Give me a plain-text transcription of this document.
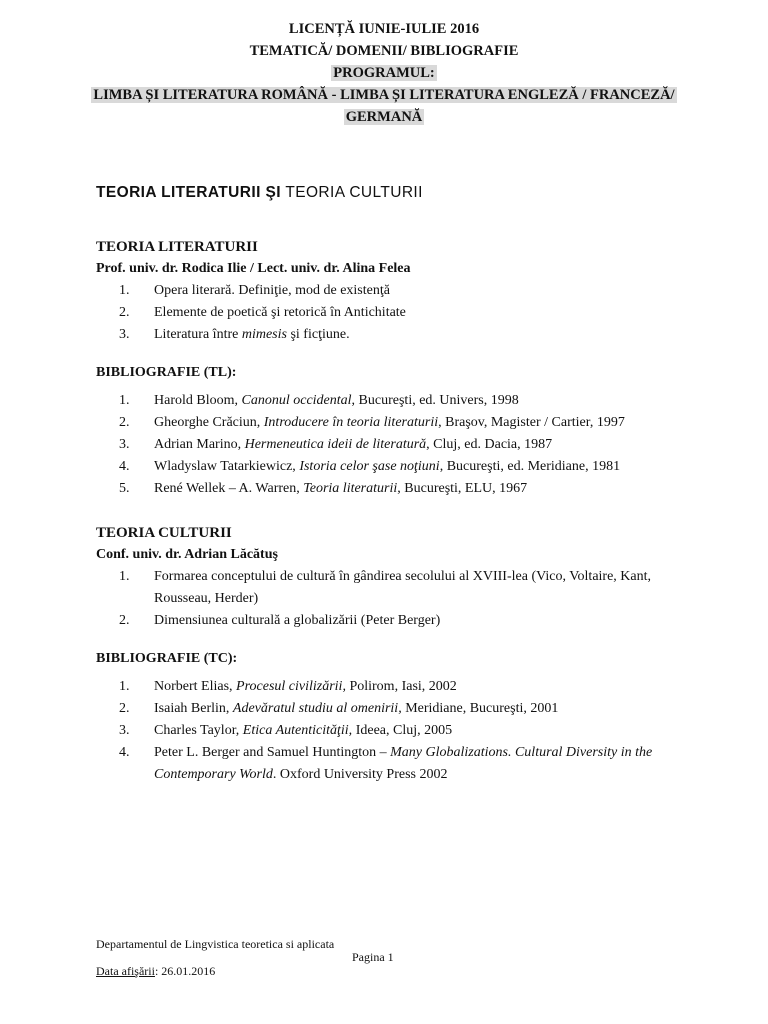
LICENȚĂ IUNIE-IULIE 2016
TEMATICĂ/ DOMENII/ BIBLIOGRAFIE
PROGRAMUL:
LIMBA ȘI LITERATURA ROMÂNĂ - LIMBA ȘI LITERATURA ENGLEZĂ / FRANCEZĂ/
GERMANĂ
TEORIA LITERATURII ŞI TEORIA CULTURII
TEORIA LITERATURII
Prof. univ. dr. Rodica Ilie / Lect. univ. dr. Alina Felea
1. Opera literară. Definiţie, mod de existenţă
2. Elemente de poetică şi retorică în Antichitate
3. Literatura între mimesis şi ficţiune.
BIBLIOGRAFIE (TL):
1. Harold Bloom, Canonul occidental, Bucureşti, ed. Univers, 1998
2. Gheorghe Crăciun, Introducere în teoria literaturii, Braşov, Magister / Cartier, 1997
3. Adrian Marino, Hermeneutica ideii de literatură, Cluj, ed. Dacia, 1987
4. Wladyslaw Tatarkiewicz, Istoria celor şase noţiuni, Bucureşti, ed. Meridiane, 1981
5. René Wellek – A. Warren, Teoria literaturii, Bucureşti, ELU, 1967
TEORIA CULTURII
Conf. univ. dr. Adrian Lăcătuş
1. Formarea conceptului de cultură în gândirea secolului al XVIII-lea (Vico, Voltaire, Kant, Rousseau, Herder)
2. Dimensiunea culturală a globalizării (Peter Berger)
BIBLIOGRAFIE (TC):
1. Norbert Elias, Procesul civilizării, Polirom, Iasi, 2002
2. Isaiah Berlin, Adevăratul studiu al omenirii, Meridiane, Bucureşti, 2001
3. Charles Taylor, Etica Autenticităţii, Ideea, Cluj, 2005
4. Peter L. Berger and Samuel Huntington – Many Globalizations. Cultural Diversity in the Contemporary World. Oxford University Press 2002
Departamentul de Lingvistica teoretica si aplicata
Pagina 1
Data afişării: 26.01.2016
